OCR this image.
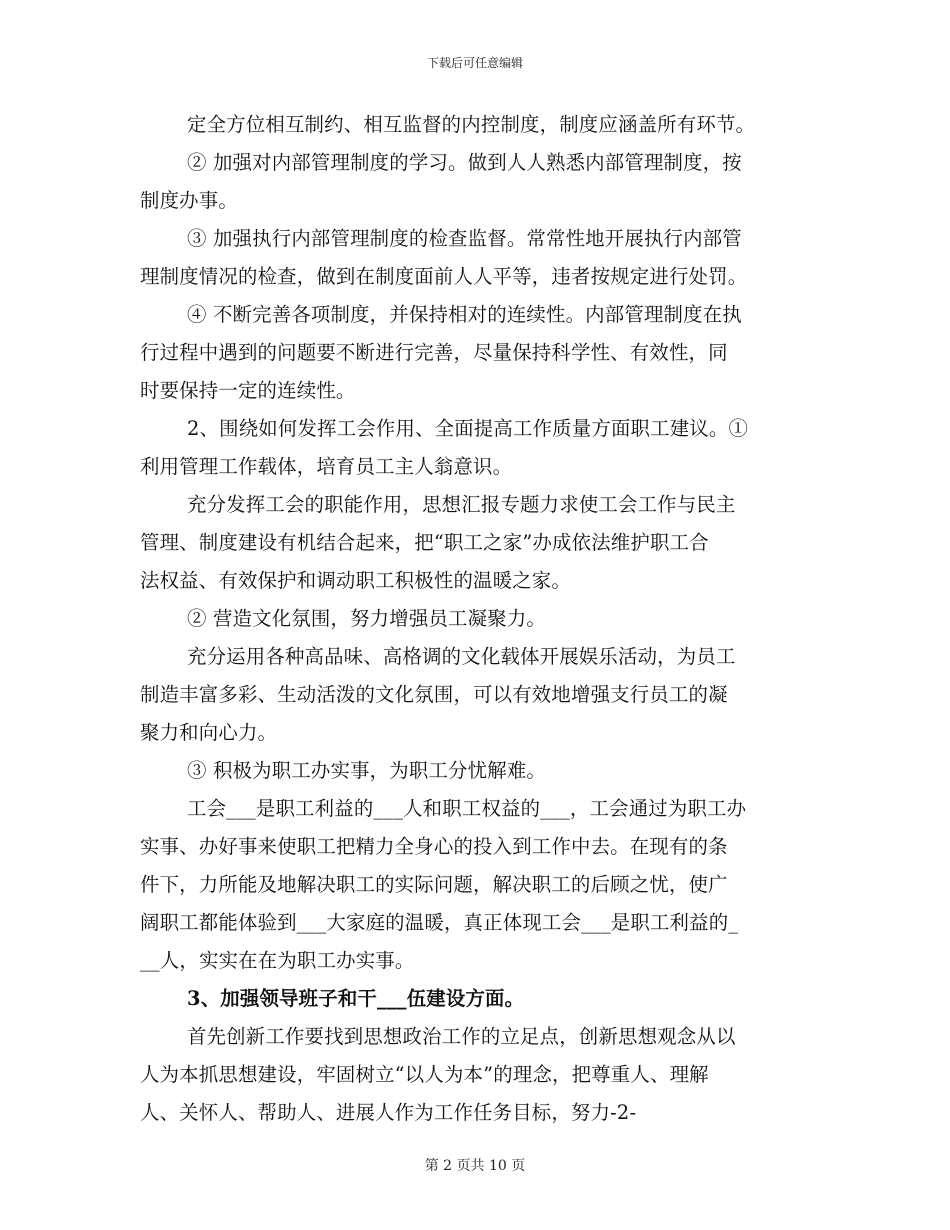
下载后可任意编辑
定全方位相互制约、相互监督的内控制度，制度应涵盖所有环节。
② 加强对内部管理制度的学习。做到人人熟悉内部管理制度，按
制度办事。
③ 加强执行内部管理制度的检查监督。常常性地开展执行内部管
理制度情况的检查，做到在制度面前人人平等，违者按规定进行处罚。
④ 不断完善各项制度，并保持相对的连续性。内部管理制度在执
行过程中遇到的问题要不断进行完善，尽量保持科学性、有效性，同
时要保持一定的连续性。
2、围绕如何发挥工会作用、全面提高工作质量方面职工建议。①
利用管理工作载体，培育员工主人翁意识。
充分发挥工会的职能作用，思想汇报专题力求使工会工作与民主
管理、制度建设有机结合起来，把“职工之家”办成依法维护职工合
法权益、有效保护和调动职工积极性的温暖之家。
② 营造文化氛围，努力增强员工凝聚力。
充分运用各种高品味、高格调的文化载体开展娱乐活动，为员工
制造丰富多彩、生动活泼的文化氛围，可以有效地增强支行员工的凝
聚力和向心力。
③ 积极为职工办实事，为职工分忧解难。
工会___是职工利益的___人和职工权益的___，工会通过为职工办
实事、办好事来使职工把精力全身心的投入到工作中去。在现有的条
件下，力所能及地解决职工的实际问题，解决职工的后顾之忧，使广
阔职工都能体验到___大家庭的温暖，真正体现工会___是职工利益的_
__人，实实在在为职工办实事。
3、加强领导班子和干___伍建设方面。
首先创新工作要找到思想政治工作的立足点，创新思想观念从以
人为本抓思想建设，牢固树立“以人为本”的理念，把尊重人、理解
人、关怀人、帮助人、进展人作为工作任务目标，努力-2-
第 2 页共 10 页
